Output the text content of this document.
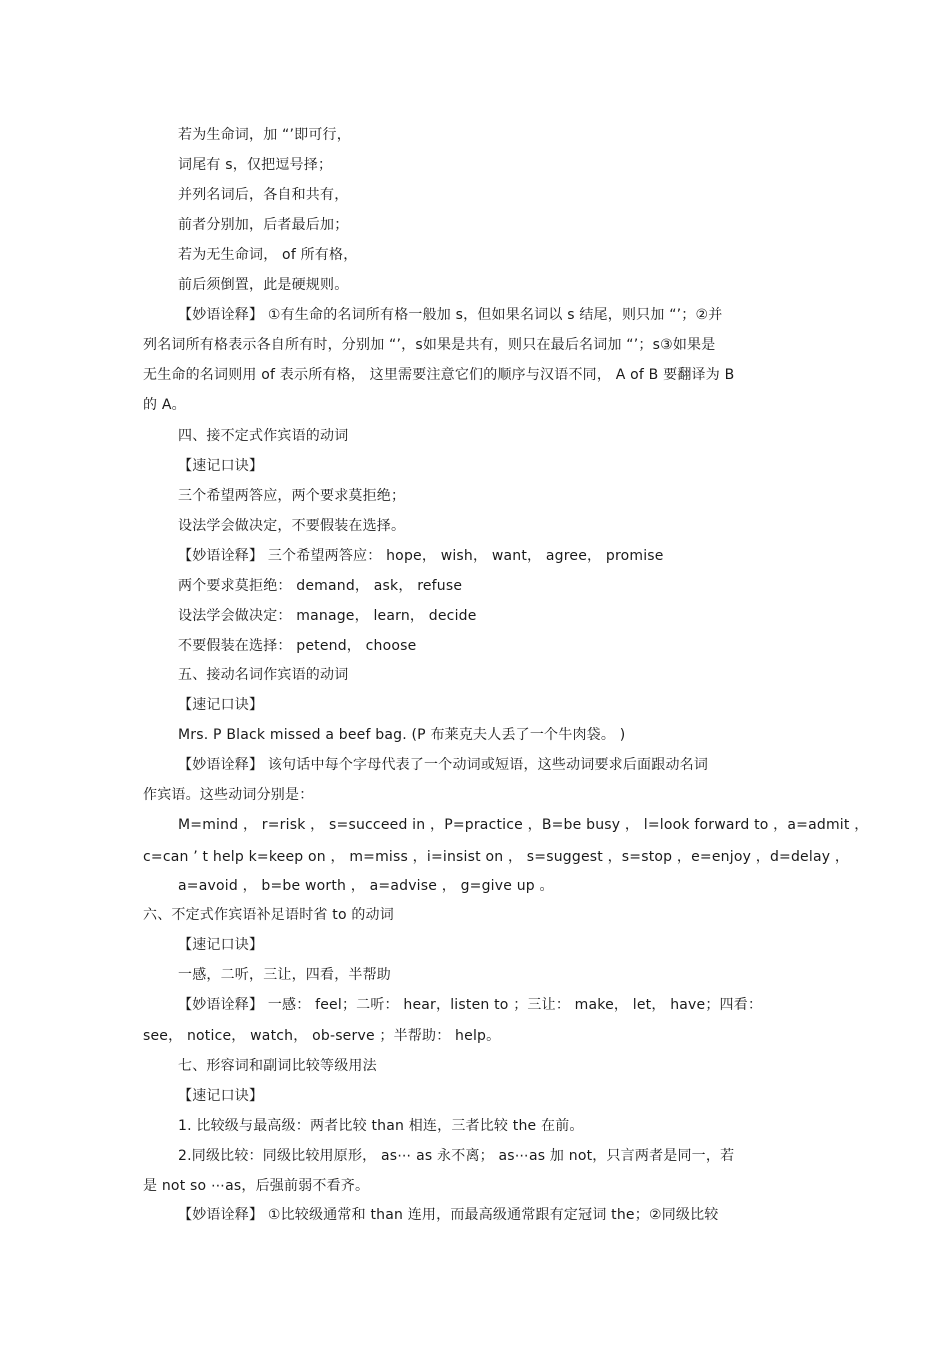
若为生命词，加 “’即可行，
词尾有 s，仅把逗号择；
并列名词后，各自和共有，
前者分别加，后者最后加；
若为无生命词， of 所有格，
前后须倒置，此是硬规则。
【妙语诠释】 ①有生命的名词所有格一般加 s，但如果名词以 s 结尾，则只加 “’；②并
列名词所有格表示各自所有时，分别加 “’，s如果是共有，则只在最后名词加 “’；s③如果是
无生命的名词则用 of 表示所有格， 这里需要注意它们的顺序与汉语不同， A of B 要翻译为 B
的 A。
四、接不定式作宾语的动词
【速记口诀】
三个希望两答应，两个要求莫拒绝；
设法学会做决定，不要假装在选择。
【妙语诠释】 三个希望两答应： hope， wish， want， agree， promise
两个要求莫拒绝： demand， ask， refuse
设法学会做决定： manage， learn， decide
不要假装在选择： petend， choose
五、接动名词作宾语的动词
【速记口诀】
Mrs. P Black missed a beef bag. (P 布莱克夫人丢了一个牛肉袋。 )
【妙语诠释】 该句话中每个字母代表了一个动词或短语，这些动词要求后面跟动名词
作宾语。这些动词分别是：
M=mind ， r=risk ， s=succeed in ，P=practice ，B=be busy ， l=look forward to ，a=admit ，
c=can ’ t help k=keep on ， m=miss ，i=insist on ， s=suggest ，s=stop ，e=enjoy ，d=delay ，
a=avoid ， b=be worth ， a=advise ， g=give up 。
六、不定式作宾语补足语时省 to 的动词
【速记口诀】
一感，二听，三让，四看，半帮助
【妙语诠释】 一感： feel；二听： hear，listen to ；三让： make， let， have；四看：
see， notice， watch， ob-serve ；半帮助： help。
七、形容词和副词比较等级用法
【速记口诀】
1. 比较级与最高级：两者比较 than 相连，三者比较 the 在前。
2.同级比较：同级比较用原形， as⋯ as 永不离； as⋯as 加 not，只言两者是同一，若
是 not so ⋯as，后强前弱不看齐。
【妙语诠释】 ①比较级通常和 than 连用，而最高级通常跟有定冠词 the；②同级比较
